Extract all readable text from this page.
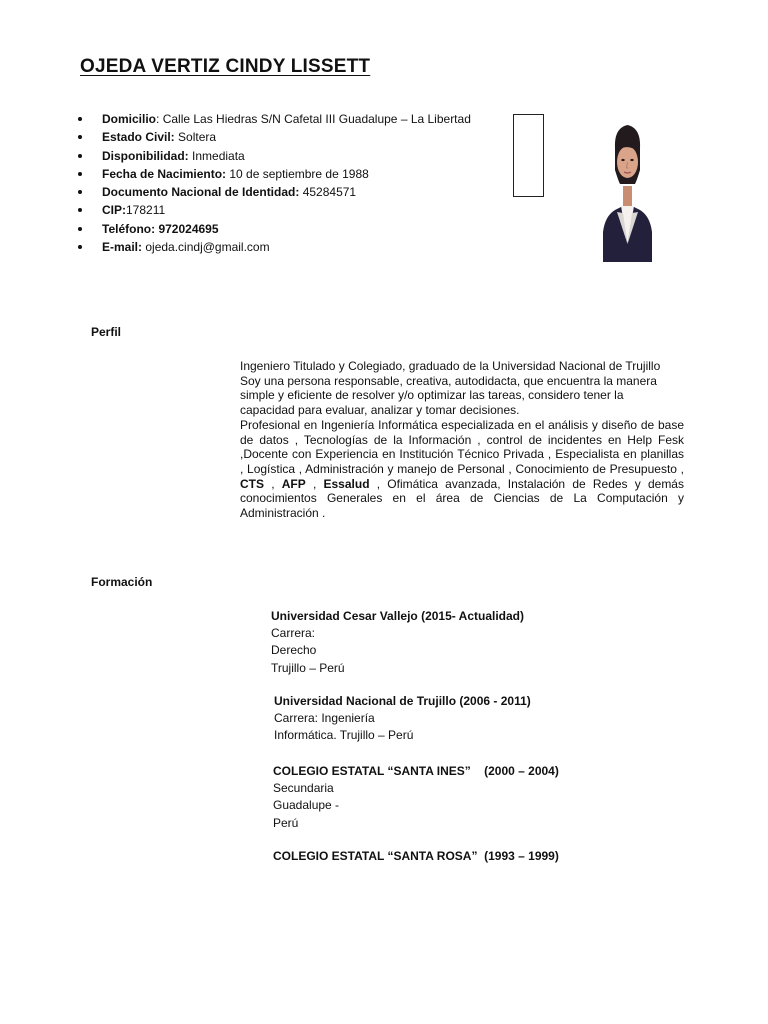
OJEDA VERTIZ CINDY LISSETT
Domicilio: Calle Las Hiedras S/N Cafetal III Guadalupe – La Libertad
Estado Civil: Soltera
Disponibilidad: Inmediata
Fecha de Nacimiento: 10 de septiembre de 1988
Documento Nacional de Identidad: 45284571
CIP:178211
Teléfono: 972024695
E-mail: ojeda.cindj@gmail.com
Perfil

Ingeniero Titulado y Colegiado, graduado de la Universidad Nacional de Trujillo

Soy una persona responsable, creativa, autodidacta, que encuentra la manera

simple y eficiente de resolver y/o optimizar las tareas, considero tener la

capacidad para evaluar, analizar y tomar decisiones.

Profesional en Ingeniería Informática especializada en el análisis y diseño de base de datos , Tecnologías de la Información , control de incidentes en Help Fesk ,Docente con Experiencia en Institución Técnico Privada , Especialista en planillas , Logística , Administración y manejo de Personal , Conocimiento de Presupuesto , CTS , AFP , Essalud , Ofimática avanzada, Instalación de Redes y demás conocimientos Generales en el área de Ciencias de La Computación y Administración .

Formación
Universidad Cesar Vallejo (2015- Actualidad)
Carrera:
Derecho
Trujillo – Perú
Universidad Nacional de Trujillo (2006 - 2011)
Carrera: Ingeniería
Informática. Trujillo – Perú
COLEGIO ESTATAL “SANTA INES”    (2000 – 2004)
Secundaria
Guadalupe -
Perú
COLEGIO ESTATAL “SANTA ROSA”  (1993 – 1999)
